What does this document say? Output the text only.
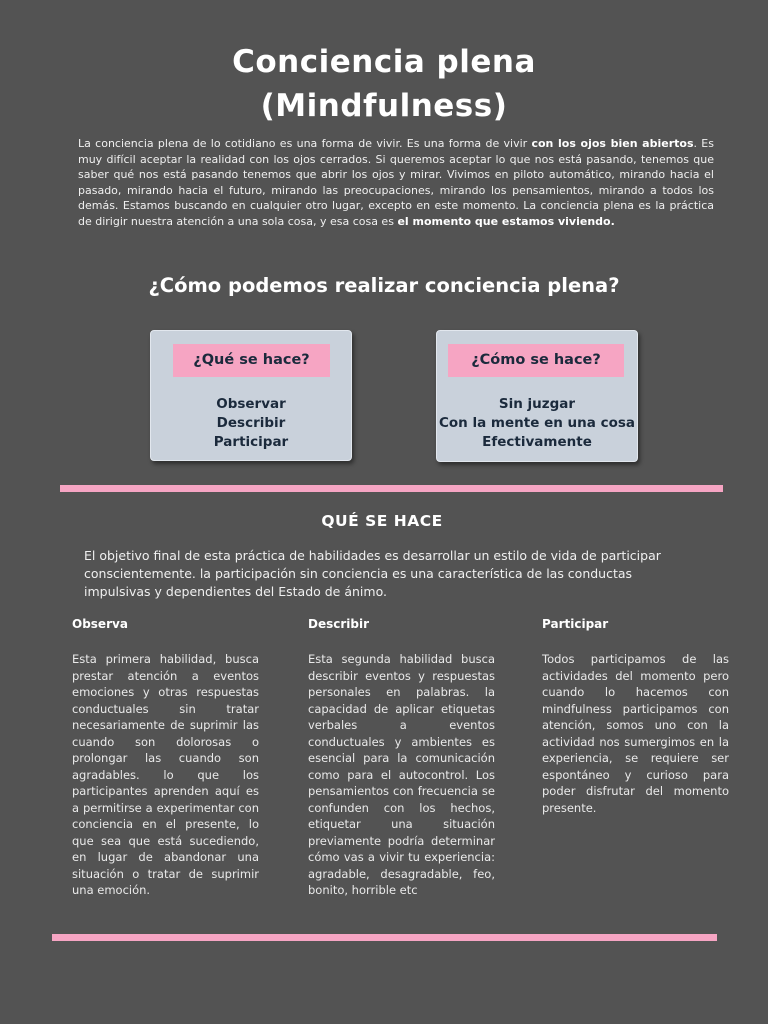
Conciencia plena
(Mindfulness)
La conciencia plena de lo cotidiano es una forma de vivir. Es una forma de vivir con los ojos bien abiertos. Es muy difícil aceptar la realidad con los ojos cerrados. Si queremos aceptar lo que nos está pasando, tenemos que saber qué nos está pasando tenemos que abrir los ojos y mirar. Vivimos en piloto automático, mirando hacia el pasado, mirando hacia el futuro, mirando las preocupaciones, mirando los pensamientos, mirando a todos los demás. Estamos buscando en cualquier otro lugar, excepto en este momento. La conciencia plena es la práctica de dirigir nuestra atención a una sola cosa, y esa cosa es el momento que estamos viviendo.
¿Cómo podemos realizar conciencia plena?
¿Qué se hace?
Observar
Describir
Participar
¿Cómo se hace?
Sin juzgar
Con la mente en una cosa
Efectivamente
QUÉ SE HACE
El objetivo final de esta práctica de habilidades es desarrollar un estilo de vida de participar conscientemente. la participación sin conciencia es una característica de las conductas impulsivas y dependientes del Estado de ánimo.
Observa
Esta primera habilidad, busca prestar atención a eventos emociones y otras respuestas conductuales sin tratar necesariamente de suprimir las cuando son dolorosas o prolongar las cuando son agradables. lo que los participantes aprenden aquí es a permitirse a experimentar con conciencia en el presente, lo que sea que está sucediendo, en lugar de abandonar una situación o tratar de suprimir una emoción.
Describir
Esta segunda habilidad busca describir eventos y respuestas personales en palabras. la capacidad de aplicar etiquetas verbales a eventos conductuales y ambientes es esencial para la comunicación como para el autocontrol. Los pensamientos con frecuencia se confunden con los hechos, etiquetar una situación previamente podría determinar cómo vas a vivir tu experiencia: agradable, desagradable, feo, bonito, horrible etc
Participar
Todos participamos de las actividades del momento pero cuando lo hacemos con mindfulness participamos con atención, somos uno con la actividad nos sumergimos en la experiencia, se requiere ser espontáneo y curioso para poder disfrutar del momento presente.
